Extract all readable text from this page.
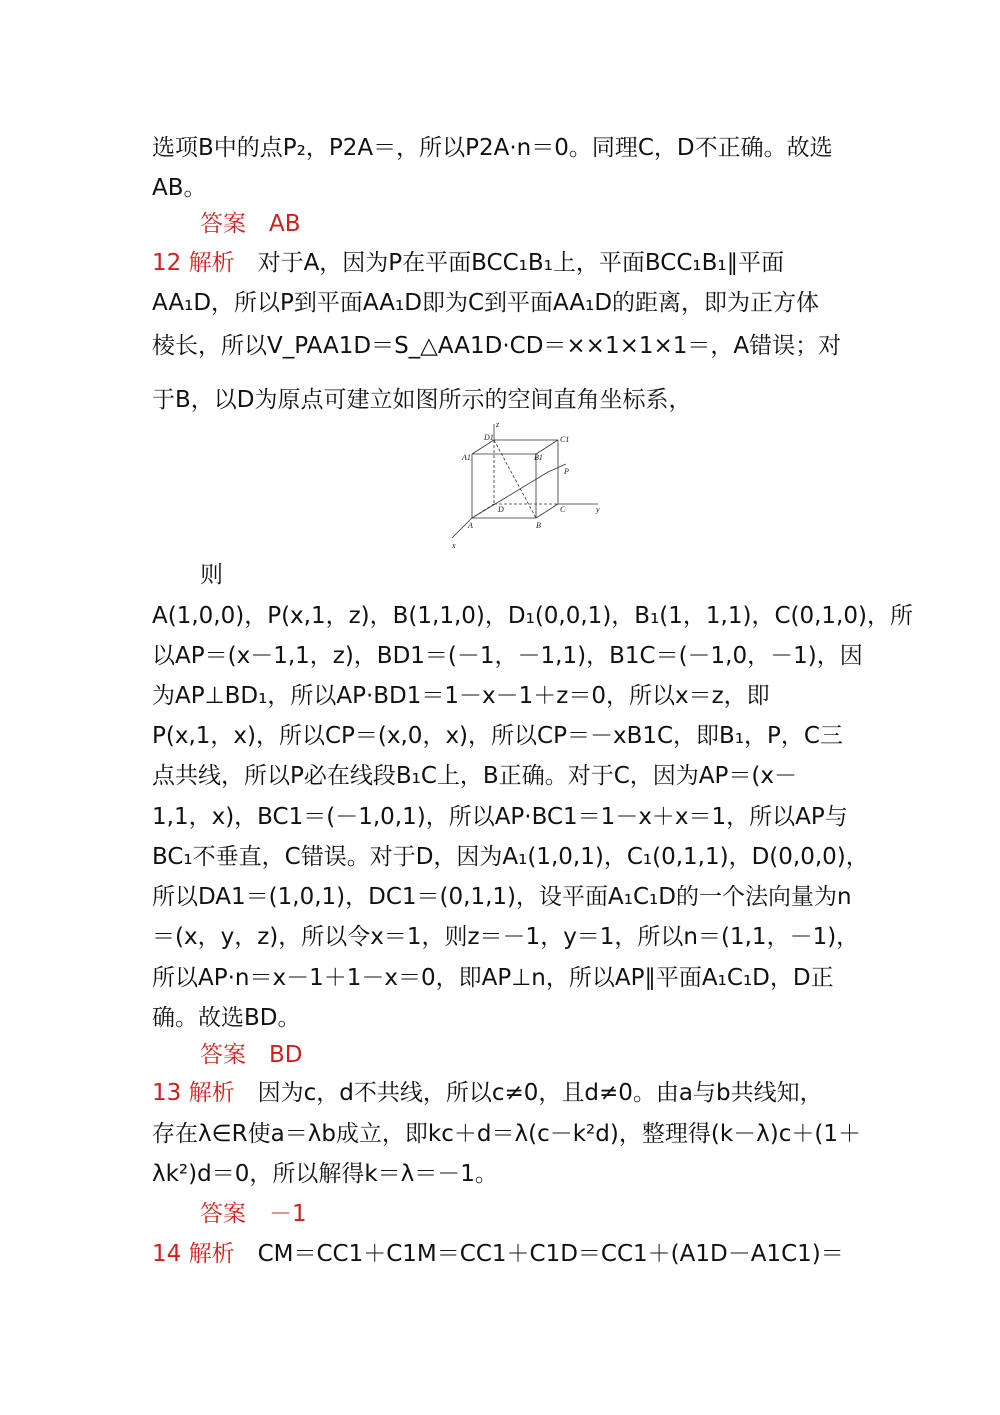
选项B中的点P₂，P2A＝，所以P2A·n＝0。同理C，D不正确。故选
AB。
答案　AB
12 解析　对于A，因为P在平面BCC₁B₁上，平面BCC₁B₁∥平面
AA₁D，所以P到平面AA₁D即为C到平面AA₁D的距离，即为正方体
棱长，所以V_PAA1D＝S_△AA1D·CD＝××1×1×1＝，A错误；对
于B，以D为原点可建立如图所示的空间直角坐标系，
z
D1	C1
A1	B1
P
D	C	y
A	B
x
则
A(1,0,0)，P(x,1，z)，B(1,1,0)，D₁(0,0,1)，B₁(1，1,1)，C(0,1,0)，所
以AP＝(x－1,1，z)，BD1＝(－1，－1,1)，B1C＝(－1,0，－1)，因
为AP⊥BD₁，所以AP·BD1＝1－x－1＋z＝0，所以x＝z，即
P(x,1，x)，所以CP＝(x,0，x)，所以CP＝－xB1C，即B₁，P，C三
点共线，所以P必在线段B₁C上，B正确。对于C，因为AP＝(x－
1,1，x)，BC1＝(－1,0,1)，所以AP·BC1＝1－x＋x＝1，所以AP与
BC₁不垂直，C错误。对于D，因为A₁(1,0,1)，C₁(0,1,1)，D(0,0,0)，
所以DA1＝(1,0,1)，DC1＝(0,1,1)，设平面A₁C₁D的一个法向量为n
＝(x，y，z)，所以令x＝1，则z＝－1，y＝1，所以n＝(1,1，－1)，
所以AP·n＝x－1＋1－x＝0，即AP⊥n，所以AP∥平面A₁C₁D，D正
确。故选BD。
答案　BD
13 解析　因为c，d不共线，所以c≠0，且d≠0。由a与b共线知，
存在λ∈R使a＝λb成立，即kc＋d＝λ(c－k²d)，整理得(k－λ)c＋(1＋
λk²)d＝0，所以解得k＝λ＝－1。
答案　－1
14 解析　CM＝CC1＋C1M＝CC1＋C1D＝CC1＋(A1D－A1C1)＝
